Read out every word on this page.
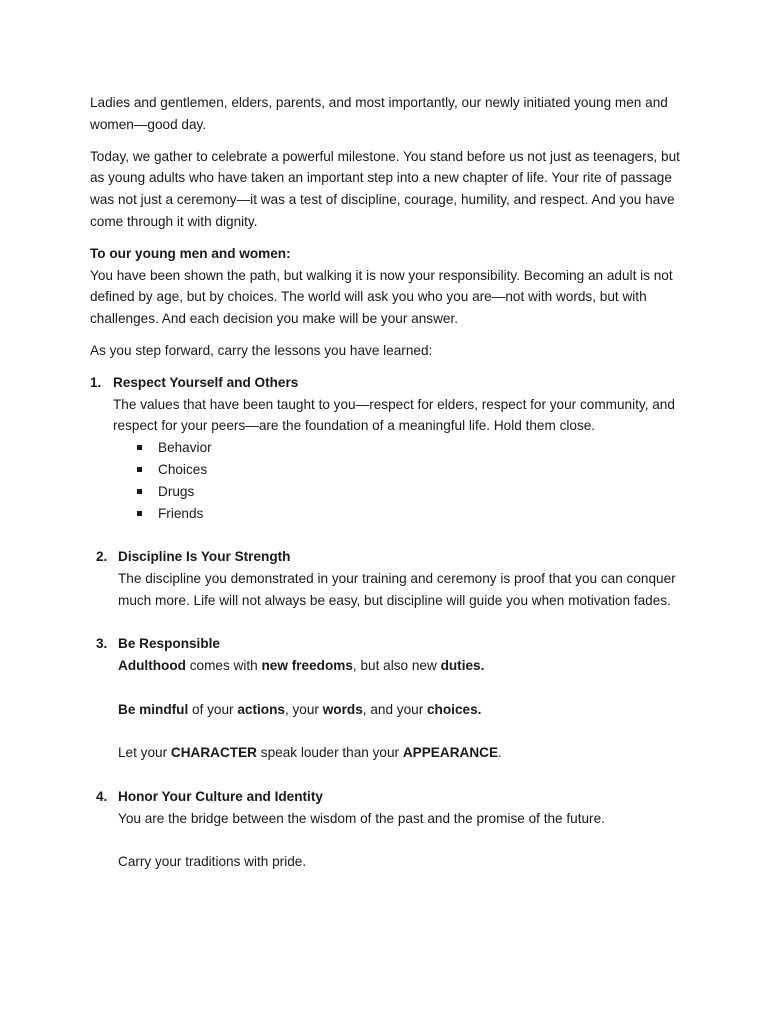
Ladies and gentlemen, elders, parents, and most importantly, our newly initiated young men and women—good day.

Today, we gather to celebrate a powerful milestone. You stand before us not just as teenagers, but as young adults who have taken an important step into a new chapter of life. Your rite of passage was not just a ceremony—it was a test of discipline, courage, humility, and respect. And you have come through it with dignity.

To our young men and women:

You have been shown the path, but walking it is now your responsibility. Becoming an adult is not defined by age, but by choices. The world will ask you who you are—not with words, but with challenges. And each decision you make will be your answer.

As you step forward, carry the lessons you have learned:

1. Respect Yourself and Others

The values that have been taught to you—respect for elders, respect for your community, and respect for your peers—are the foundation of a meaningful life. Hold them close.

Behavior
Choices
Drugs
Friends
2. Discipline Is Your Strength

The discipline you demonstrated in your training and ceremony is proof that you can conquer much more. Life will not always be easy, but discipline will guide you when motivation fades.

3. Be Responsible

Adulthood comes with new freedoms, but also new duties.

Be mindful of your actions, your words, and your choices.

Let your CHARACTER speak louder than your APPEARANCE.

4. Honor Your Culture and Identity

You are the bridge between the wisdom of the past and the promise of the future.

Carry your traditions with pride.
